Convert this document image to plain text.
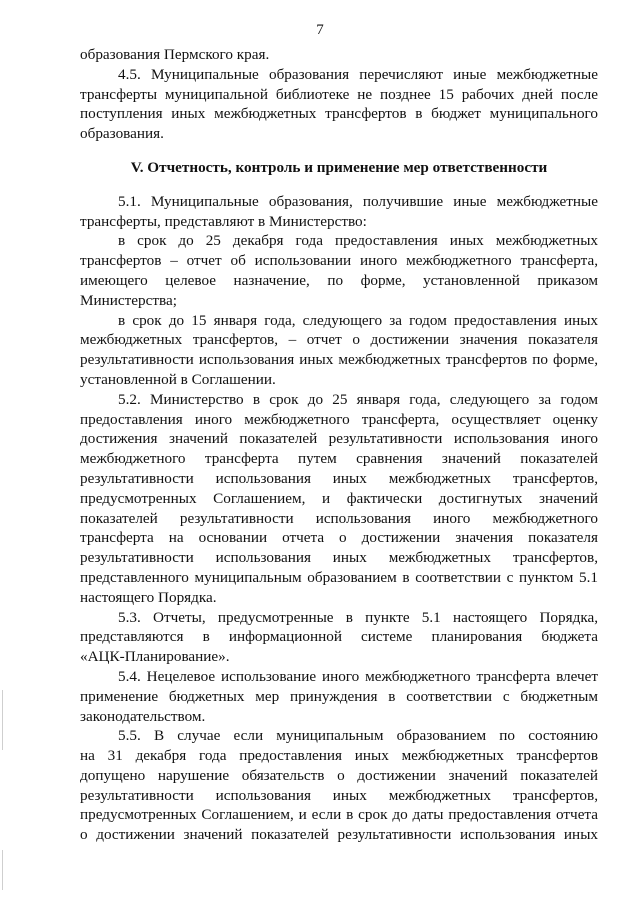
7

образования Пермского края.

4.5. Муниципальные образования перечисляют иные межбюджетные
трансферты муниципальной библиотеке не позднее 15 рабочих дней после
поступления иных межбюджетных трансфертов в бюджет муниципального
образования.

V. Отчетность, контроль и применение мер ответственности

5.1. Муниципальные образования, получившие иные межбюджетные
трансферты, представляют в Министерство:

в срок до 25 декабря года предоставления иных межбюджетных
трансфертов – отчет об использовании иного межбюджетного трансферта,
имеющего целевое назначение, по форме, установленной приказом
Министерства;

в срок до 15 января года, следующего за годом предоставления иных
межбюджетных трансфертов, – отчет о достижении значения показателя
результативности использования иных межбюджетных трансфертов по форме,
установленной в Соглашении.

5.2. Министерство в срок до 25 января года, следующего за годом
предоставления иного межбюджетного трансферта, осуществляет оценку
достижения значений показателей результативности использования иного
межбюджетного трансферта путем сравнения значений показателей
результативности использования иных межбюджетных трансфертов,
предусмотренных Соглашением, и фактически достигнутых значений
показателей результативности использования иного межбюджетного
трансферта на основании отчета о достижении значения показателя
результативности использования иных межбюджетных трансфертов,
представленного муниципальным образованием в соответствии с пунктом 5.1
настоящего Порядка.

5.3. Отчеты, предусмотренные в пункте 5.1 настоящего Порядка,
представляются в информационной системе планирования бюджета
«АЦК-Планирование».

5.4. Нецелевое использование иного межбюджетного трансферта влечет
применение бюджетных мер принуждения в соответствии с бюджетным
законодательством.

5.5. В случае если муниципальным образованием по состоянию
на 31 декабря года предоставления иных межбюджетных трансфертов
допущено нарушение обязательств о достижении значений показателей
результативности использования иных межбюджетных трансфертов,
предусмотренных Соглашением, и если в срок до даты предоставления отчета
о достижении значений показателей результативности использования иных
